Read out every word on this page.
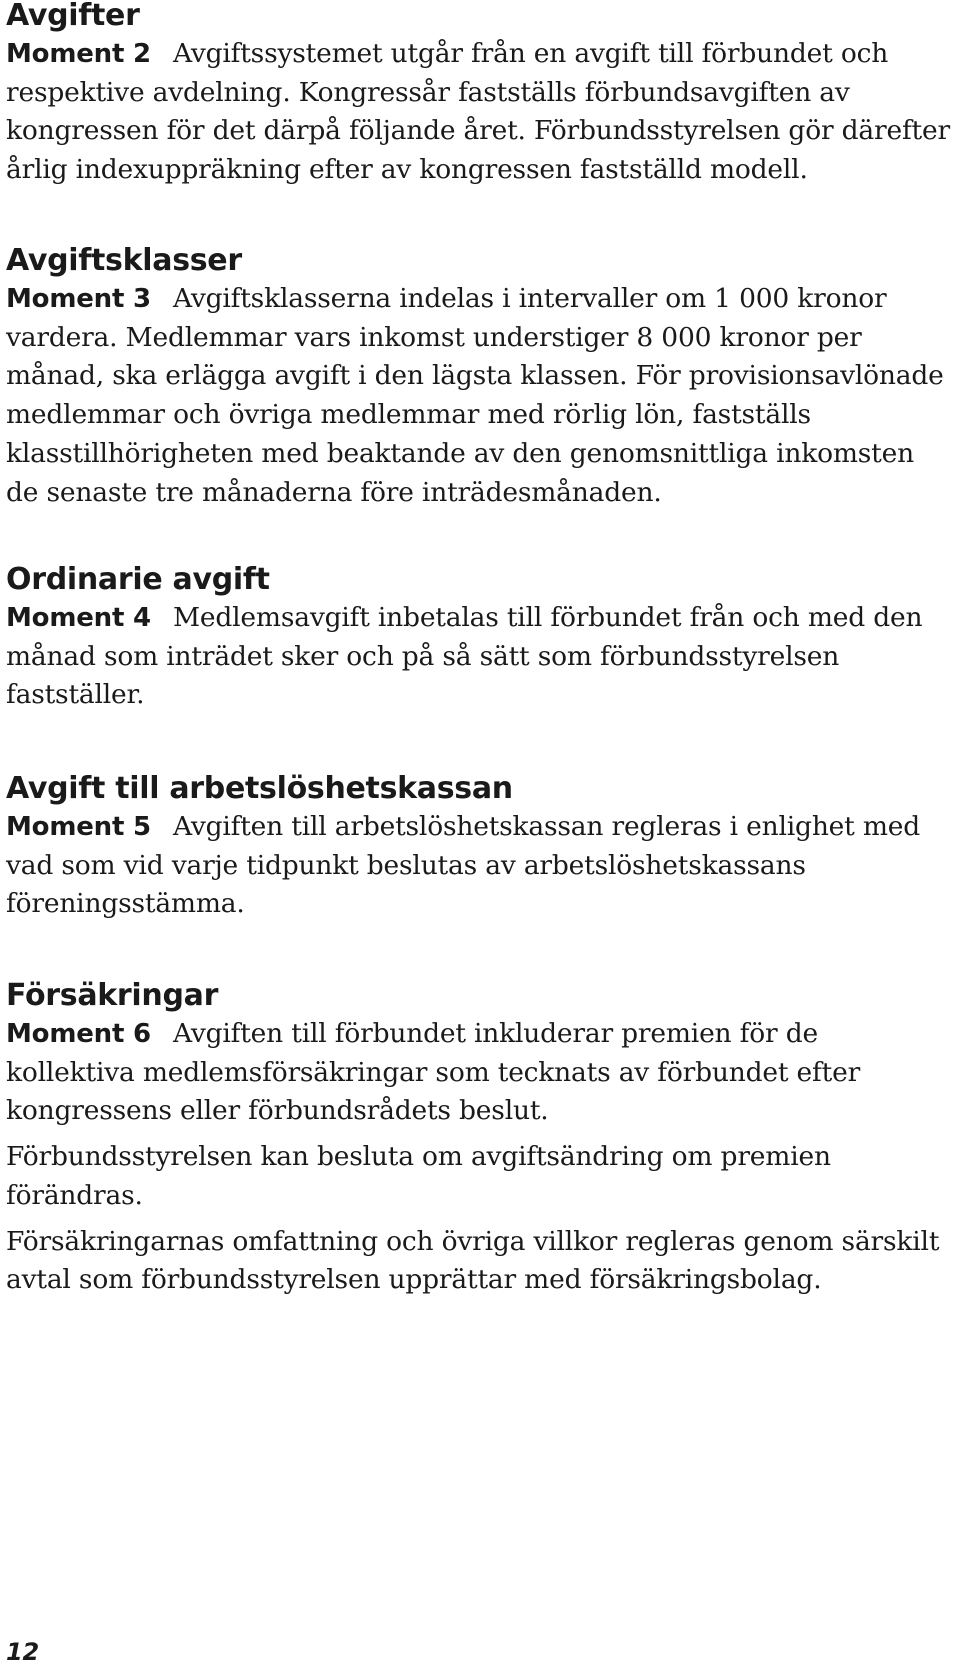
Avgifter

Moment 2 Avgiftssystemet utgår från en avgift till förbundet och respektive avdelning. Kongressår fastställs förbundsavgiften av kongressen för det därpå följande året. Förbundsstyrelsen gör därefter årlig indexuppräkning efter av kongressen fastställd modell.

Avgiftsklasser

Moment 3 Avgiftsklasserna indelas i intervaller om 1 000 kronor vardera. Medlemmar vars inkomst understiger 8 000 kronor per månad, ska erlägga avgift i den lägsta klassen. För provisionsavlönade medlemmar och övriga medlemmar med rörlig lön, fastställs klasstillhörigheten med beaktande av den genomsnittliga inkomsten de senaste tre månaderna före inträdesmånaden.

Ordinarie avgift

Moment 4 Medlemsavgift inbetalas till förbundet från och med den månad som inträdet sker och på så sätt som förbundsstyrelsen fastställer.

Avgift till arbetslöshetskassan

Moment 5 Avgiften till arbetslöshetskassan regleras i enlighet med vad som vid varje tidpunkt beslutas av arbetslöshetskassans föreningsstämma.

Försäkringar

Moment 6 Avgiften till förbundet inkluderar premien för de kollektiva medlemsförsäkringar som tecknats av förbundet efter kongressens eller förbundsrådets beslut.

Förbundsstyrelsen kan besluta om avgiftsändring om premien förändras.

Försäkringarnas omfattning och övriga villkor regleras genom särskilt avtal som förbundsstyrelsen upprättar med försäkringsbolag.

12
